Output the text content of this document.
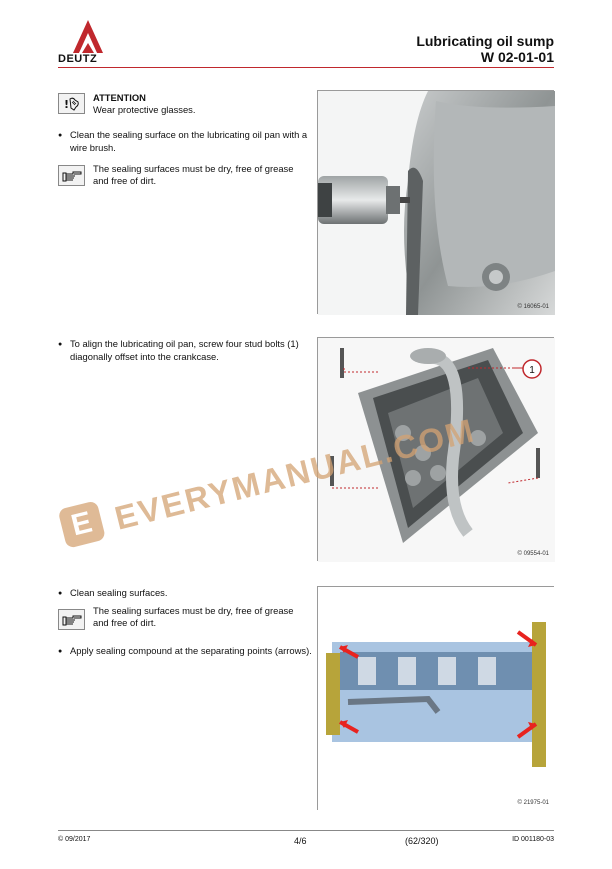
DEUTZ
Lubricating oil sump
W 02-01-01
!	ATTENTION
Wear protective glasses.
● Clean the sealing surface on the lubricating oil pan with a wire brush.
The sealing surfaces must be dry, free of grease and free of dirt.
© 16065-01
● To align the lubricating oil pan, screw four stud bolts (1) diagonally offset into the crankcase.
1
© 09554-01
● Clean sealing surfaces.
The sealing surfaces must be dry, free of grease and free of dirt.
● Apply sealing compound at the separating points (arrows).
© 21975-01
E EVERYMANUAL.COM
© 09/2017	4/6	(62/320)	ID 001180-03
